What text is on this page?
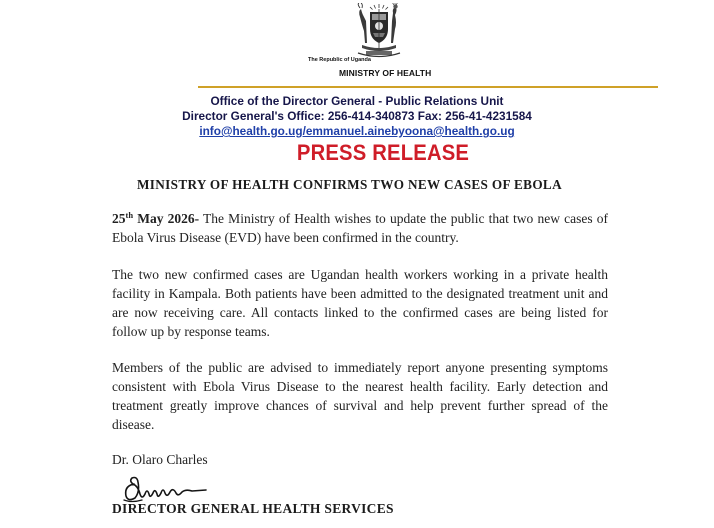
The Republic of Uganda
MINISTRY OF HEALTH
Office of the Director General - Public Relations Unit
Director General's Office: 256-414-340873 Fax: 256-41-4231584
info@health.go.ug/emmanuel.ainebyoona@health.go.ug
PRESS RELEASE
MINISTRY OF HEALTH CONFIRMS TWO NEW CASES OF EBOLA
25th May 2026- The Ministry of Health wishes to update the public that two new cases of Ebola Virus Disease (EVD) have been confirmed in the country.
The two new confirmed cases are Ugandan health workers working in a private health facility in Kampala. Both patients have been admitted to the designated treatment unit and are now receiving care. All contacts linked to the confirmed cases are being listed for follow up by response teams.
Members of the public are advised to immediately report anyone presenting symptoms consistent with Ebola Virus Disease to the nearest health facility. Early detection and treatment greatly improve chances of survival and help prevent further spread of the disease.
Dr. Olaro Charles
DIRECTOR GENERAL HEALTH SERVICES
